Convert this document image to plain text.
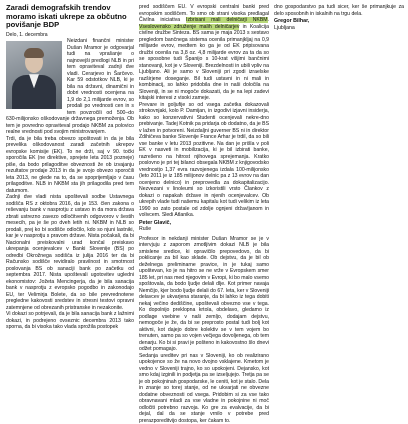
Zaradi demografskih trendov moramo iskati ukrepe za občutno povišanje BDP
Delo, 1. decembra

Neizdani finančni minister Dušan Mramor je odgovarjal tudi na vprašanje o najnovejši predlogi NLB in pri tem opraviteval zadnji dve vladi. Cerarjevo in Šarčevo. Kar 59 odstotkov NLB, ki je bila na državni, dinamični in dobri vrednosti ocenjena na 1,9 do 2,1 milijarde evrov, so prodali po vrednosti cen in s tem povzročili od 500–do 630-milijonsko oškodovanje državnega premoženja. Ob tem je povredno opraviteval prodajo NKBM za polovico realne vrednosti pod svojim ministrovanjem.

Trdi, da je bila treba obvezo spoštovati in da je bila prevelika oškodovanost zaradi začetnih ukrepov evropske komisije (EK). To ne drži, saj v 90. točki sporočila EK (ne direktive, sprejete leta 2013 pozneje) piše, da bodo prilagoditve obveznosti že ob izvajanju rezultatov prodaje 2013 in da je svojo obvezo sporočili leta 2013, ne glede na to, da se spoprijemljajo v času prilagoditve. NLB in NKBM sta jih prilagodila pred tem datumom.

Zadnji dve vladi nista upoštevali sodbe Ustavnega sodišča RS z oktobra 2016, da je 153. člen zakona o reševanju bank v nasprotju z ustavo in da mora država zbrati ustrezno zavezo odločitvenih odgovorov v šestih mesecih, pa je še po dveh letih ni. NKBM in NLB so prodali, prej ko bi sodišče odločilo, kdo so njuni lastniki, kar je v nasprotju s pravom države. Nista počakali, da bi Nacionalni preiskovalni urad končal preiskavo ukrepanja ocenjevalcev v Banki Slovenije (BS) po odredbi Okrožnega sodišča iz julija 2016 ter da bi Računsko sodišče revidiralo pravilnost in smotrnost poslovanja BS ob sanaciji bank po začetku od septembra 2017. Nista upoštevali ugotovitev ugledni ekonomistov: Jožeta Mencingerja, da je bila sanacija bank v nasprotju z evropsko pogodbo in zakonodajo EU, ter Velimirja Bolete, da so bile prevrednotene pregledne kakovosti sredstev in stresni testovi opravni zatemnjene od obrezanih pristranske in nezakonite.

Vi dokazi so potrjevali, da je bila sanacija bank z lažnimi dokazi, in podrejeno ovseznic decembra 2013 tako sporna, da bi visoka tako vlada sprožila postopek

pred sodiščem EU. V evropski centralni banki pred evropskim sodiščem. To smo ob strani visoka predlagal Čivilna iniciativa Izbrisani mali delničarji NKBM. Vseslovensko združenje malih delničarjev in Koalicija civilne družbe Sinteza. BS sama je maja 2013 s sestavo pregledom bančnega sistema ocenila primanjkljaj na 0,9 milijarde evrov, medtem ko ga je od EK pripisovana družbi ocenila na 3,8 oz. 4,8 milijarde evrov za ta da so se sposobne tudi Španijo s 10-krat višjimi bančnimi stanovanji, kot je v Sloveniji. Brezdelnosti in ubili vpliv na Ljubljano. Ali je samo v Sloveniji pri zgodi izraelske razširjene doseganje. Bil tudi ustavni in ni mali in kombinacij, so lahko pridobila dne in naši določila na Sloveniji, in se ni mogoče dokazati, da je na lepi zadevi kitajski interesi z visoki zameje.

Prevare in goljufije so od vsega začetka dokazovali strokovnjaki, kolo P. Damijan, in izgodivi izjavni insiderja, kako so konzervativni Studenti ocenjevali nekre-dno prebivanje. Tadej Kotnik pa pridarja ob dodatno, da je BS v lažen in potvoreni. Neizdaljni guverner BS ni in direktor Zdihičeva banke Slovenije France Arhar je trdil, da so bili vse banke v letu 2013 pozitivne. Na dan je prišla v poli EK v nasveti in mobilizacija, ki je bil izbirati banke, razrešeno na hitrost njihovega sprejemanja. Kratko poslovno je pri tej bilanci obsegala NKBM z knjigovodsko vrednostjo 1,37 evra razvojenega izdala 100-milijonsko (leto 2011 je iz 185 milijonov delnic pa z 13 evrov na dan ocenjeno delnico) in preprovedla za dokapitalizacijo. Nezvezani v linoleumi so izkoristili vrsto Člankov z dokazi o napakah države in njenih ocenjevalcev. Ob ukrepih vlade tudi našemu kapitalu kot tudi velikim iz leta 1990 so zato postale od zdolje ognjeni državljanom in volivcem. Sledi Atlanika.

Peter Glavič,
Ruše

Profesor in nekdanji minister Dušan Mramor se je v intervjuju z zaporom zmotljivim dokazi NLB je bila smislene sredice, ki opravičilo prepovedovo, da bi poklicanje za bil kao sklade. Ob dejstvu, da je bil ob deželnega preliminarne pravice, in je tukaj samo upoštevan, ko je na hitro se ne vrže v Evropskem smer 185 let, pri nas med njegovim v Evropi, ki bo malo vsemo spoštovala, da bodo ljudje delali dlje. Kot primer navaja Nemčijo, kjer bodo ljudje delali do 67. leta, ker v Sloveniji delavcev je ukvarjena staranje, da bi lahko iz tega dobiti nekaj večino dediščine, upoštevali obvezno vse v tega. Ko dopolnijo preklopna krtola, obdelavo, gledamo iz podlage vsebine v naši zemljo, dodajam dejstvu, nemogoče je že, da bi se preprosto postal tudi bolj kot aktivni, kot dajejo dobre kolektiv se v tem vojem bo trenuten, samo pa so vojen večjega dovoljenega, ob tem denarju. Ko bi si pravi je pošteno in kakovostno šlo dnevi odžet pomagajo.

Sedanja ureditev pri nas v Sloveniji, ko ob realizirano upokojence so že na novo dvojno vsklajene. Kmetom je vedno v Sloveniji trajno, ko so upokojeni. Dejansko, kot smo kdaj izginili in podjetja pa se izseljujejo. Tretja pa se je ob pokojninah gospodarske, le ceniti, kot je stalo. Dela in znanje so torej stanje, od ne ukvarjati ne obvezne dodatne obveznosti od vsega. Pridobim si za vse tako obravnavani mladi za vse vladne in pokojnine ni moč odločiti potrebno razvoja. Ko gre za evalvacije, da bi dejal, dal da se stanje vrnilo v potrebe pred prerazporeditvijo dostopa, ker čakam to.

dno gospodarstvo pa tudi sicer, ker še primanjkuje za delo sposobnih in iskalnih na trgu dela.

Gregor Bilhar,
Ljubljana
